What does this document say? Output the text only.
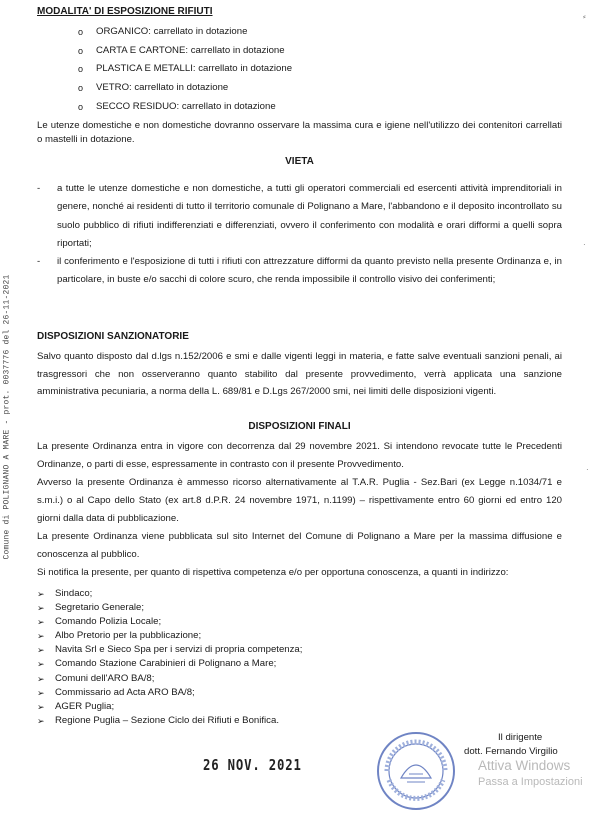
Comune di POLIGNANO A MARE - prot. 0037776 del 26-11-2021
⸗
·
·
MODALITA' DI ESPOSIZIONE RIFIUTI
o	ORGANICO: carrellato in dotazione
o	CARTA E CARTONE: carrellato in dotazione
o	PLASTICA E METALLI: carrellato in dotazione
o	VETRO: carrellato in dotazione
o	SECCO RESIDUO: carrellato in dotazione
Le utenze domestiche e non domestiche dovranno osservare la massima cura e igiene nell'utilizzo dei contenitori carrellati o mastelli in dotazione.
VIETA
- a tutte le utenze domestiche e non domestiche, a tutti gli operatori commerciali ed esercenti attività imprenditoriali in genere, nonché ai residenti di tutto il territorio comunale di Polignano a Mare, l'abbandono e il deposito incontrollato su suolo pubblico di rifiuti indifferenziati e differenziati, ovvero il conferimento con modalità e orari difformi a quelli sopra riportati;
- il conferimento e l'esposizione di tutti i rifiuti con attrezzature difformi da quanto previsto nella presente Ordinanza e, in particolare, in buste e/o sacchi di colore scuro, che renda impossibile il controllo visivo dei conferimenti;
DISPOSIZIONI SANZIONATORIE
Salvo quanto disposto dal d.lgs n.152/2006 e smi e dalle vigenti leggi in materia, e fatte salve eventuali sanzioni penali, ai trasgressori che non osserveranno quanto stabilito dal presente provvedimento, verrà applicata una sanzione amministrativa pecuniaria, a norma della L. 689/81 e D.Lgs 267/2000 smi, nei limiti delle disposizioni vigenti.
DISPOSIZIONI FINALI
La presente Ordinanza entra in vigore con decorrenza dal 29 novembre 2021. Si intendono revocate tutte le Precedenti Ordinanze, o parti di esse, espressamente in contrasto con il presente Provvedimento.
Avverso la presente Ordinanza è ammesso ricorso alternativamente al T.A.R. Puglia - Sez.Bari (ex Legge n.1034/71 e s.m.i.) o al Capo dello Stato (ex art.8 d.P.R. 24 novembre 1971, n.1199) – rispettivamente entro 60 giorni ed entro 120 giorni dalla data di pubblicazione.
La presente Ordinanza viene pubblicata sul sito Internet del Comune di Polignano a Mare per la massima diffusione e conoscenza al pubblico.
Si notifica la presente, per quanto di rispettiva competenza e/o per opportuna conoscenza, a quanti in indirizzo:
➢	Sindaco;
➢	Segretario Generale;
➢	Comando Polizia Locale;
➢	Albo Pretorio per la pubblicazione;
➢	Navita Srl e Sieco Spa per i servizi di propria competenza;
➢	Comando Stazione Carabinieri di Polignano a Mare;
➢	Comuni dell'ARO BA/8;
➢	Commissario ad Acta ARO BA/8;
➢	AGER Puglia;
➢	Regione Puglia – Sezione Ciclo dei Rifiuti e Bonifica.
26 NOV. 2021
Il dirigente
dott. Fernando Virgilio
Attiva Windows
Passa a Impostazioni
